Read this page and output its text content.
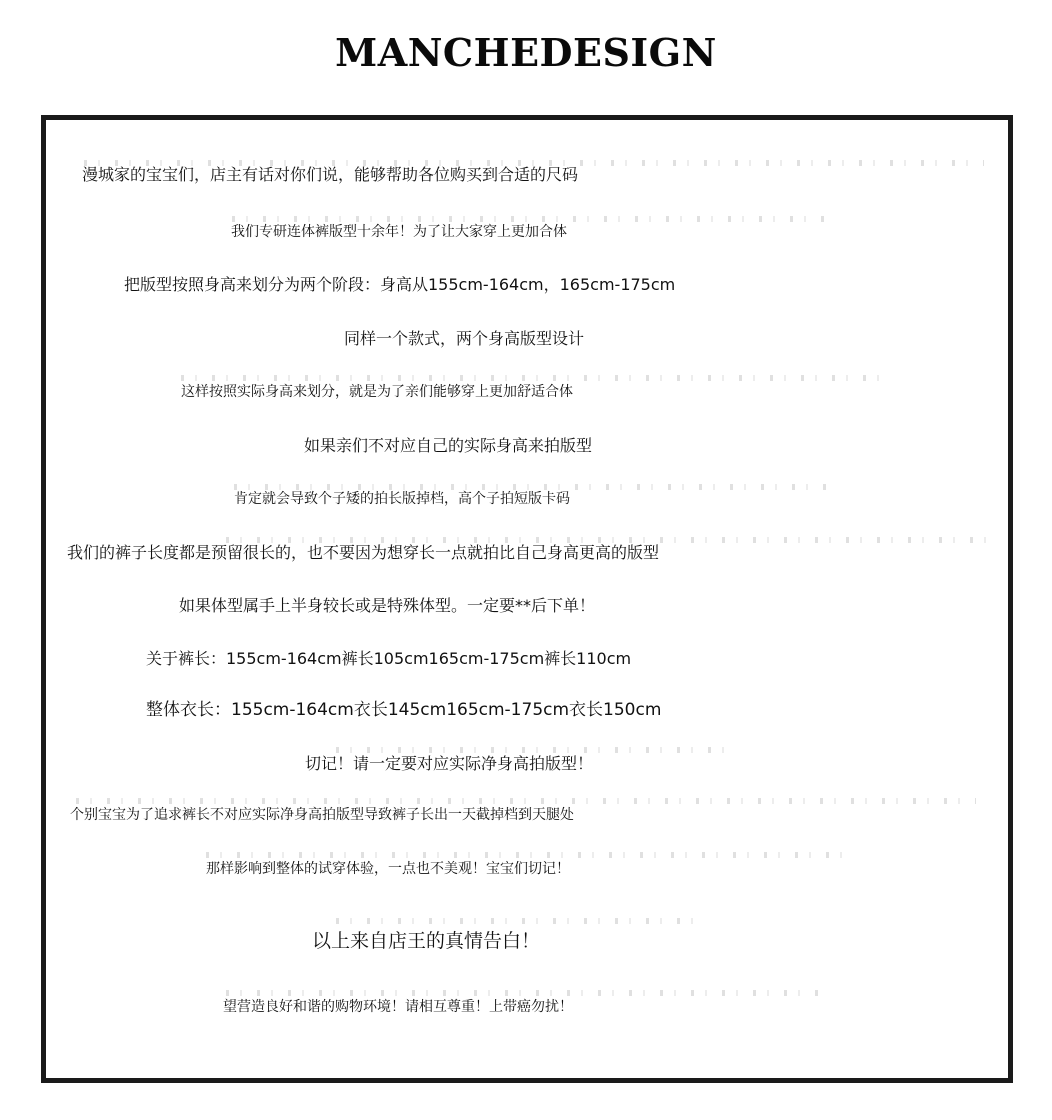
MANCHEDESIGN
漫城家的宝宝们，店主有话对你们说，能够帮助各位购买到合适的尺码
我们专研连体裤版型十余年！为了让大家穿上更加合体
把版型按照身高来划分为两个阶段：身高从155cm-164cm，165cm-175cm
同样一个款式，两个身高版型设计
这样按照实际身高来划分，就是为了亲们能够穿上更加舒适合体
如果亲们不对应自己的实际身高来拍版型
肯定就会导致个子矮的拍长版掉档，高个子拍短版卡码
我们的裤子长度都是预留很长的，也不要因为想穿长一点就拍比自己身高更高的版型
如果体型属手上半身较长或是特殊体型。一定要**后下单！
关于裤长：155cm-164cm裤长105cm165cm-175cm裤长110cm
整体衣长：155cm-164cm衣长145cm165cm-175cm衣长150cm
切记！请一定要对应实际净身高拍版型！
个别宝宝为了追求裤长不对应实际净身高拍版型导致裤子长出一天截掉档到天腿处
那样影响到整体的试穿体验，一点也不美观！宝宝们切记！
以上来自店王的真情告白！
望营造良好和谐的购物环境！请相互尊重！上带癌勿扰！
